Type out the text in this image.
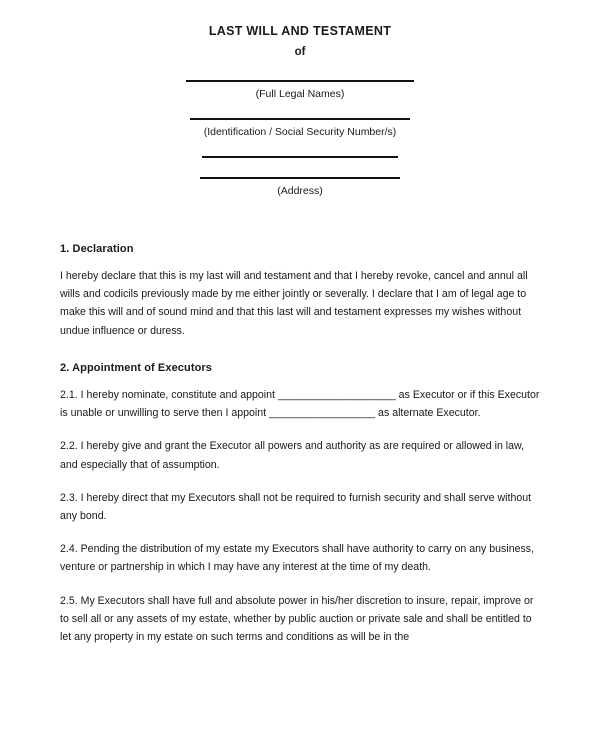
LAST WILL AND TESTAMENT
of
(Full Legal Names)
(Identification / Social Security Number/s)
(Address)
1. Declaration

I hereby declare that this is my last will and testament and that I hereby revoke, cancel and annul all wills and codicils previously made by me either jointly or severally. I declare that I am of legal age to make this will and of sound mind and that this last will and testament expresses my wishes without undue influence or duress.

2. Appointment of Executors

2.1. I hereby nominate, constitute and appoint ____________________ as Executor or if this Executor is unable or unwilling to serve then I appoint __________________ as alternate Executor.

2.2. I hereby give and grant the Executor all powers and authority as are required or allowed in law, and especially that of assumption.

2.3. I hereby direct that my Executors shall not be required to furnish security and shall serve without any bond.

2.4. Pending the distribution of my estate my Executors shall have authority to carry on any business, venture or partnership in which I may have any interest at the time of my death.

2.5. My Executors shall have full and absolute power in his/her discretion to insure, repair, improve or to sell all or any assets of my estate, whether by public auction or private sale and shall be entitled to let any property in my estate on such terms and conditions as will be in the
